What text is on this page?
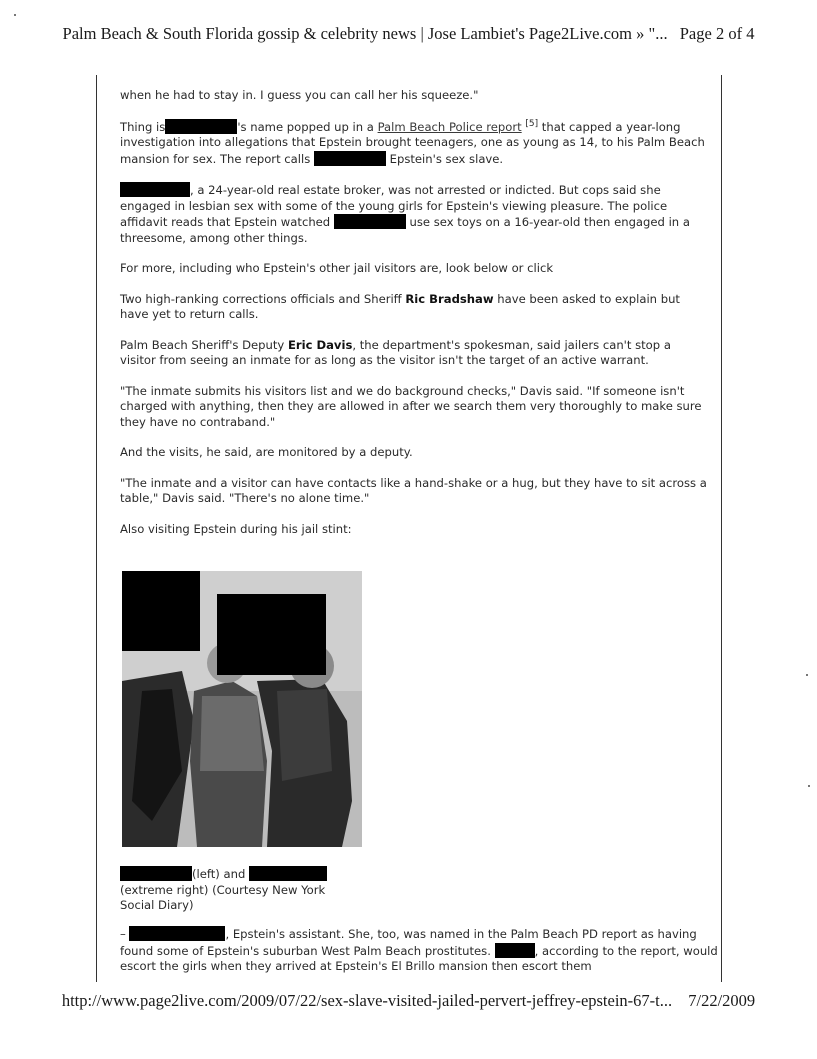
Palm Beach & South Florida gossip & celebrity news | Jose Lambiet's Page2Live.com » "... Page 2 of 4

when he had to stay in. I guess you can call her his squeeze."

Thing is	's name popped up in a Palm Beach Police report [5] that capped a year-long investigation into allegations that Epstein brought teenagers, one as young as 14, to his Palm Beach mansion for sex. The report calls	Epstein's sex slave.

, a 24-year-old real estate broker, was not arrested or indicted. But cops said she engaged in lesbian sex with some of the young girls for Epstein's viewing pleasure. The police affidavit reads that Epstein watched	use sex toys on a 16-year-old then engaged in a threesome, among other things.

For more, including who Epstein's other jail visitors are, look below or click

Two high-ranking corrections officials and Sheriff Ric Bradshaw have been asked to explain but have yet to return calls.

Palm Beach Sheriff's Deputy Eric Davis, the department's spokesman, said jailers can't stop a visitor from seeing an inmate for as long as the visitor isn't the target of an active warrant.

"The inmate submits his visitors list and we do background checks," Davis said. "If someone isn't charged with anything, then they are allowed in after we search them very thoroughly to make sure they have no contraband."

And the visits, he said, are monitored by a deputy.

"The inmate and a visitor can have contacts like a hand-shake or a hug, but they have to sit across a table," Davis said. "There's no alone time."

Also visiting Epstein during his jail stint:

(left) and  (extreme right) (Courtesy New York Social Diary)
–	, Epstein's assistant. She, too, was named in the Palm Beach PD report as having found some of Epstein's suburban West Palm Beach prostitutes.	, according to the report, would escort the girls when they arrived at Epstein's El Brillo mansion then escort them
http://www.page2live.com/2009/07/22/sex-slave-visited-jailed-pervert-jeffrey-epstein-67-t... 7/22/2009
